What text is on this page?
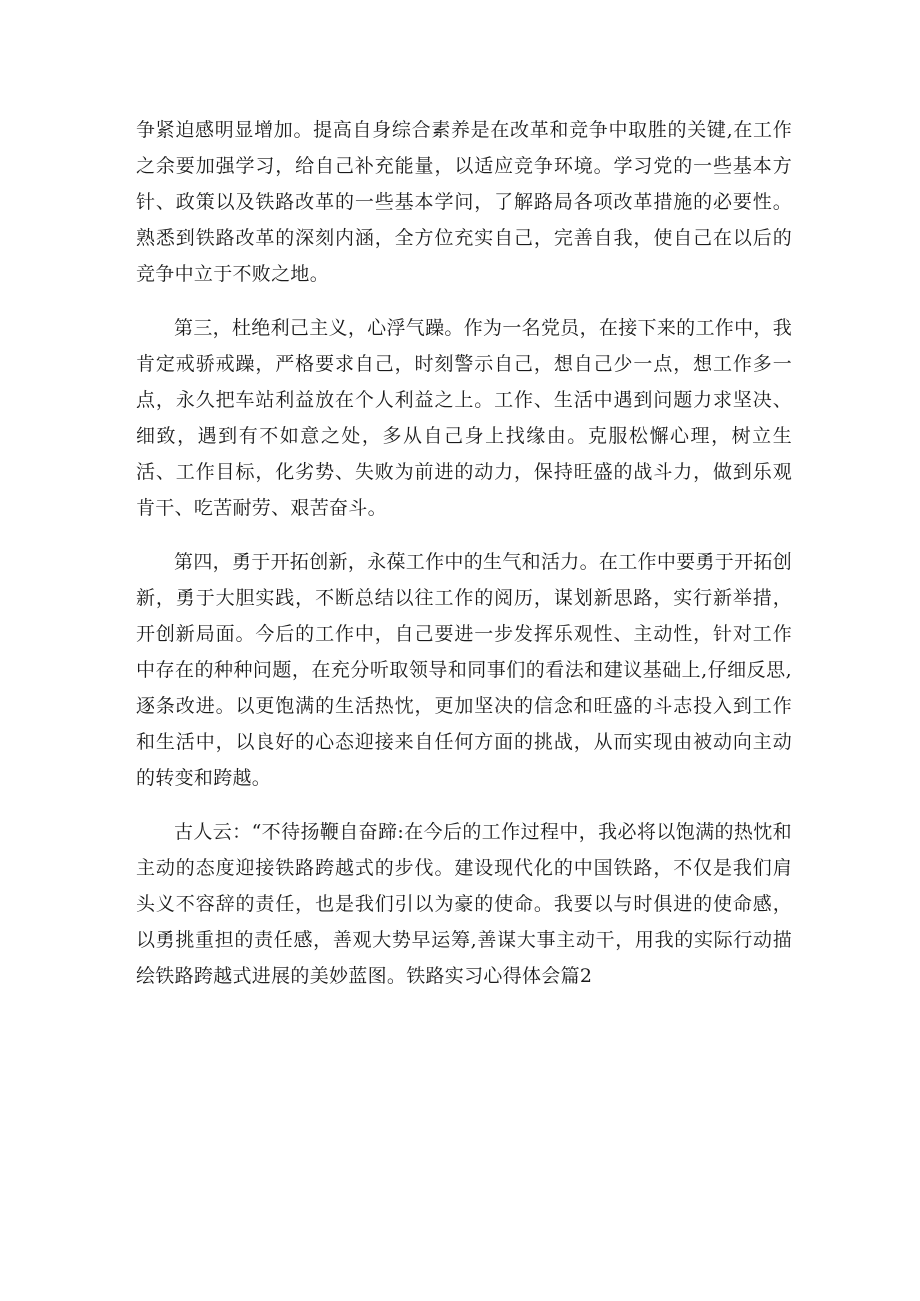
争紧迫感明显增加。提高自身综合素养是在改革和竞争中取胜的关键,在工作之余要加强学习，给自己补充能量，以适应竞争环境。学习党的一些基本方针、政策以及铁路改革的一些基本学问，了解路局各项改革措施的必要性。熟悉到铁路改革的深刻内涵，全方位充实自己，完善自我，使自己在以后的竞争中立于不败之地。

第三，杜绝利己主义，心浮气躁。作为一名党员，在接下来的工作中，我肯定戒骄戒躁，严格要求自己，时刻警示自己，想自己少一点，想工作多一点，永久把车站利益放在个人利益之上。工作、生活中遇到问题力求坚决、细致，遇到有不如意之处，多从自己身上找缘由。克服松懈心理，树立生活、工作目标，化劣势、失败为前进的动力，保持旺盛的战斗力，做到乐观肯干、吃苦耐劳、艰苦奋斗。

第四，勇于开拓创新，永葆工作中的生气和活力。在工作中要勇于开拓创新，勇于大胆实践，不断总结以往工作的阅历，谋划新思路，实行新举措，开创新局面。今后的工作中，自己要进一步发挥乐观性、主动性，针对工作中存在的种种问题，在充分听取领导和同事们的看法和建议基础上,仔细反思,逐条改进。以更饱满的生活热忱，更加坚决的信念和旺盛的斗志投入到工作和生活中，以良好的心态迎接来自任何方面的挑战，从而实现由被动向主动的转变和跨越。

古人云：“不待扬鞭自奋蹄:在今后的工作过程中，我必将以饱满的热忱和主动的态度迎接铁路跨越式的步伐。建设现代化的中国铁路，不仅是我们肩头义不容辞的责任，也是我们引以为豪的使命。我要以与时俱进的使命感，以勇挑重担的责任感，善观大势早运筹,善谋大事主动干，用我的实际行动描绘铁路跨越式进展的美妙蓝图。铁路实习心得体会篇2
